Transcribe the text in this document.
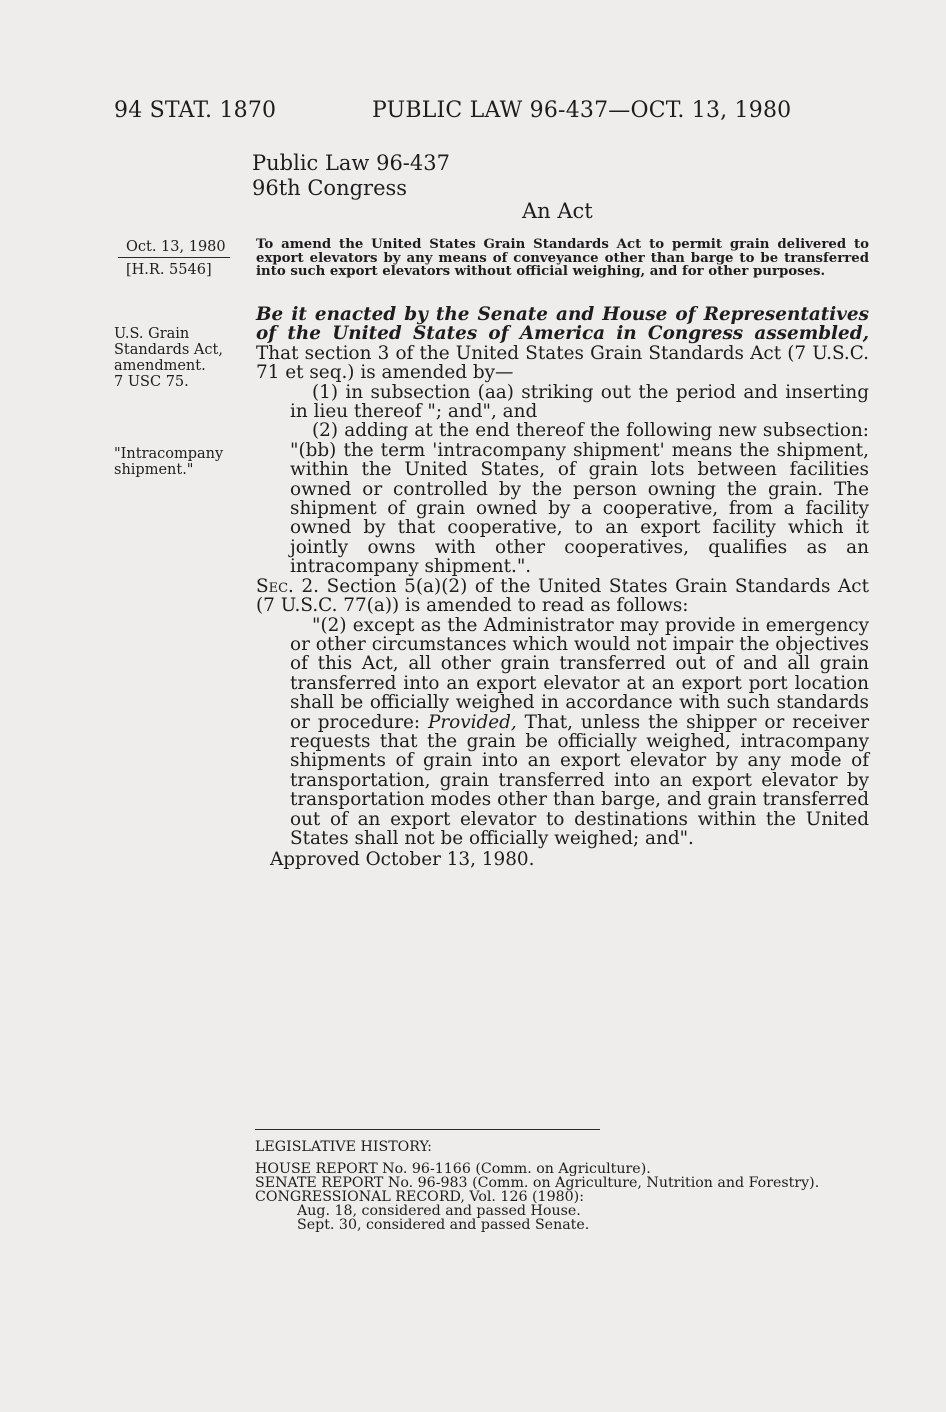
94 STAT. 1870	PUBLIC LAW 96-437—OCT. 13, 1980
Public Law 96-437
96th Congress
An Act
Oct. 13, 1980
[H.R. 5546]
U.S. Grain
Standards Act,
amendment.
7 USC 75.
"Intracompany
shipment."
To amend the United States Grain Standards Act to permit grain delivered to export elevators by any means of conveyance other than barge to be transferred into such export elevators without official weighing, and for other purposes.

Be it enacted by the Senate and House of Representatives of the United States of America in Congress assembled, That section 3 of the United States Grain Standards Act (7 U.S.C. 71 et seq.) is amended by—

(1) in subsection (aa) striking out the period and inserting in lieu thereof "; and", and

(2) adding at the end thereof the following new subsection: "(bb) the term 'intracompany shipment' means the shipment, within the United States, of grain lots between facilities owned or controlled by the person owning the grain. The shipment of grain owned by a cooperative, from a facility owned by that cooperative, to an export facility which it jointly owns with other cooperatives, qualifies as an intracompany shipment.".

Sec. 2. Section 5(a)(2) of the United States Grain Standards Act (7 U.S.C. 77(a)) is amended to read as follows:

"(2) except as the Administrator may provide in emergency or other circumstances which would not impair the objectives of this Act, all other grain transferred out of and all grain transferred into an export elevator at an export port location shall be officially weighed in accordance with such standards or procedure: Provided, That, unless the shipper or receiver requests that the grain be officially weighed, intracompany shipments of grain into an export elevator by any mode of transportation, grain transferred into an export elevator by transportation modes other than barge, and grain transferred out of an export elevator to destinations within the United States shall not be officially weighed; and".

Approved October 13, 1980.
LEGISLATIVE HISTORY:
HOUSE REPORT No. 96-1166 (Comm. on Agriculture).
SENATE REPORT No. 96-983 (Comm. on Agriculture, Nutrition and Forestry).
CONGRESSIONAL RECORD, Vol. 126 (1980):
Aug. 18, considered and passed House.
Sept. 30, considered and passed Senate.
